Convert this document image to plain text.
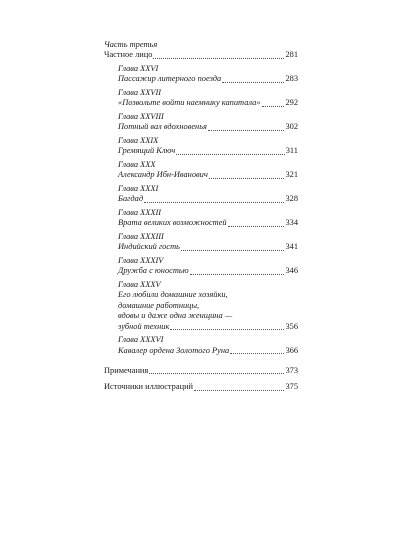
Часть третья
Частное лицо	281
Глава XXVI
Пассажир литерного поезда	283
Глава XXVII
«Позвольте войти наемнику капитала»	292
Глава XXVIII
Потный вал вдохновенья	302
Глава XXIX
Гремящий Ключ	311
Глава XXX
Александр Ибн-Иванович	321
Глава XXXI
Багдад	328
Глава XXXII
Врата великих возможностей	334
Глава XXXIII
Индийский гость	341
Глава XXXIV
Дружба с юностью	346
Глава XXXV
Его любили домашние хозяйки,
домашние работницы,
вдовы и даже одна женщина —
зубной техник	356
Глава XXXVI
Кавалер ордена Золотого Руна	366
Примечания	373
Источники иллюстраций	375
